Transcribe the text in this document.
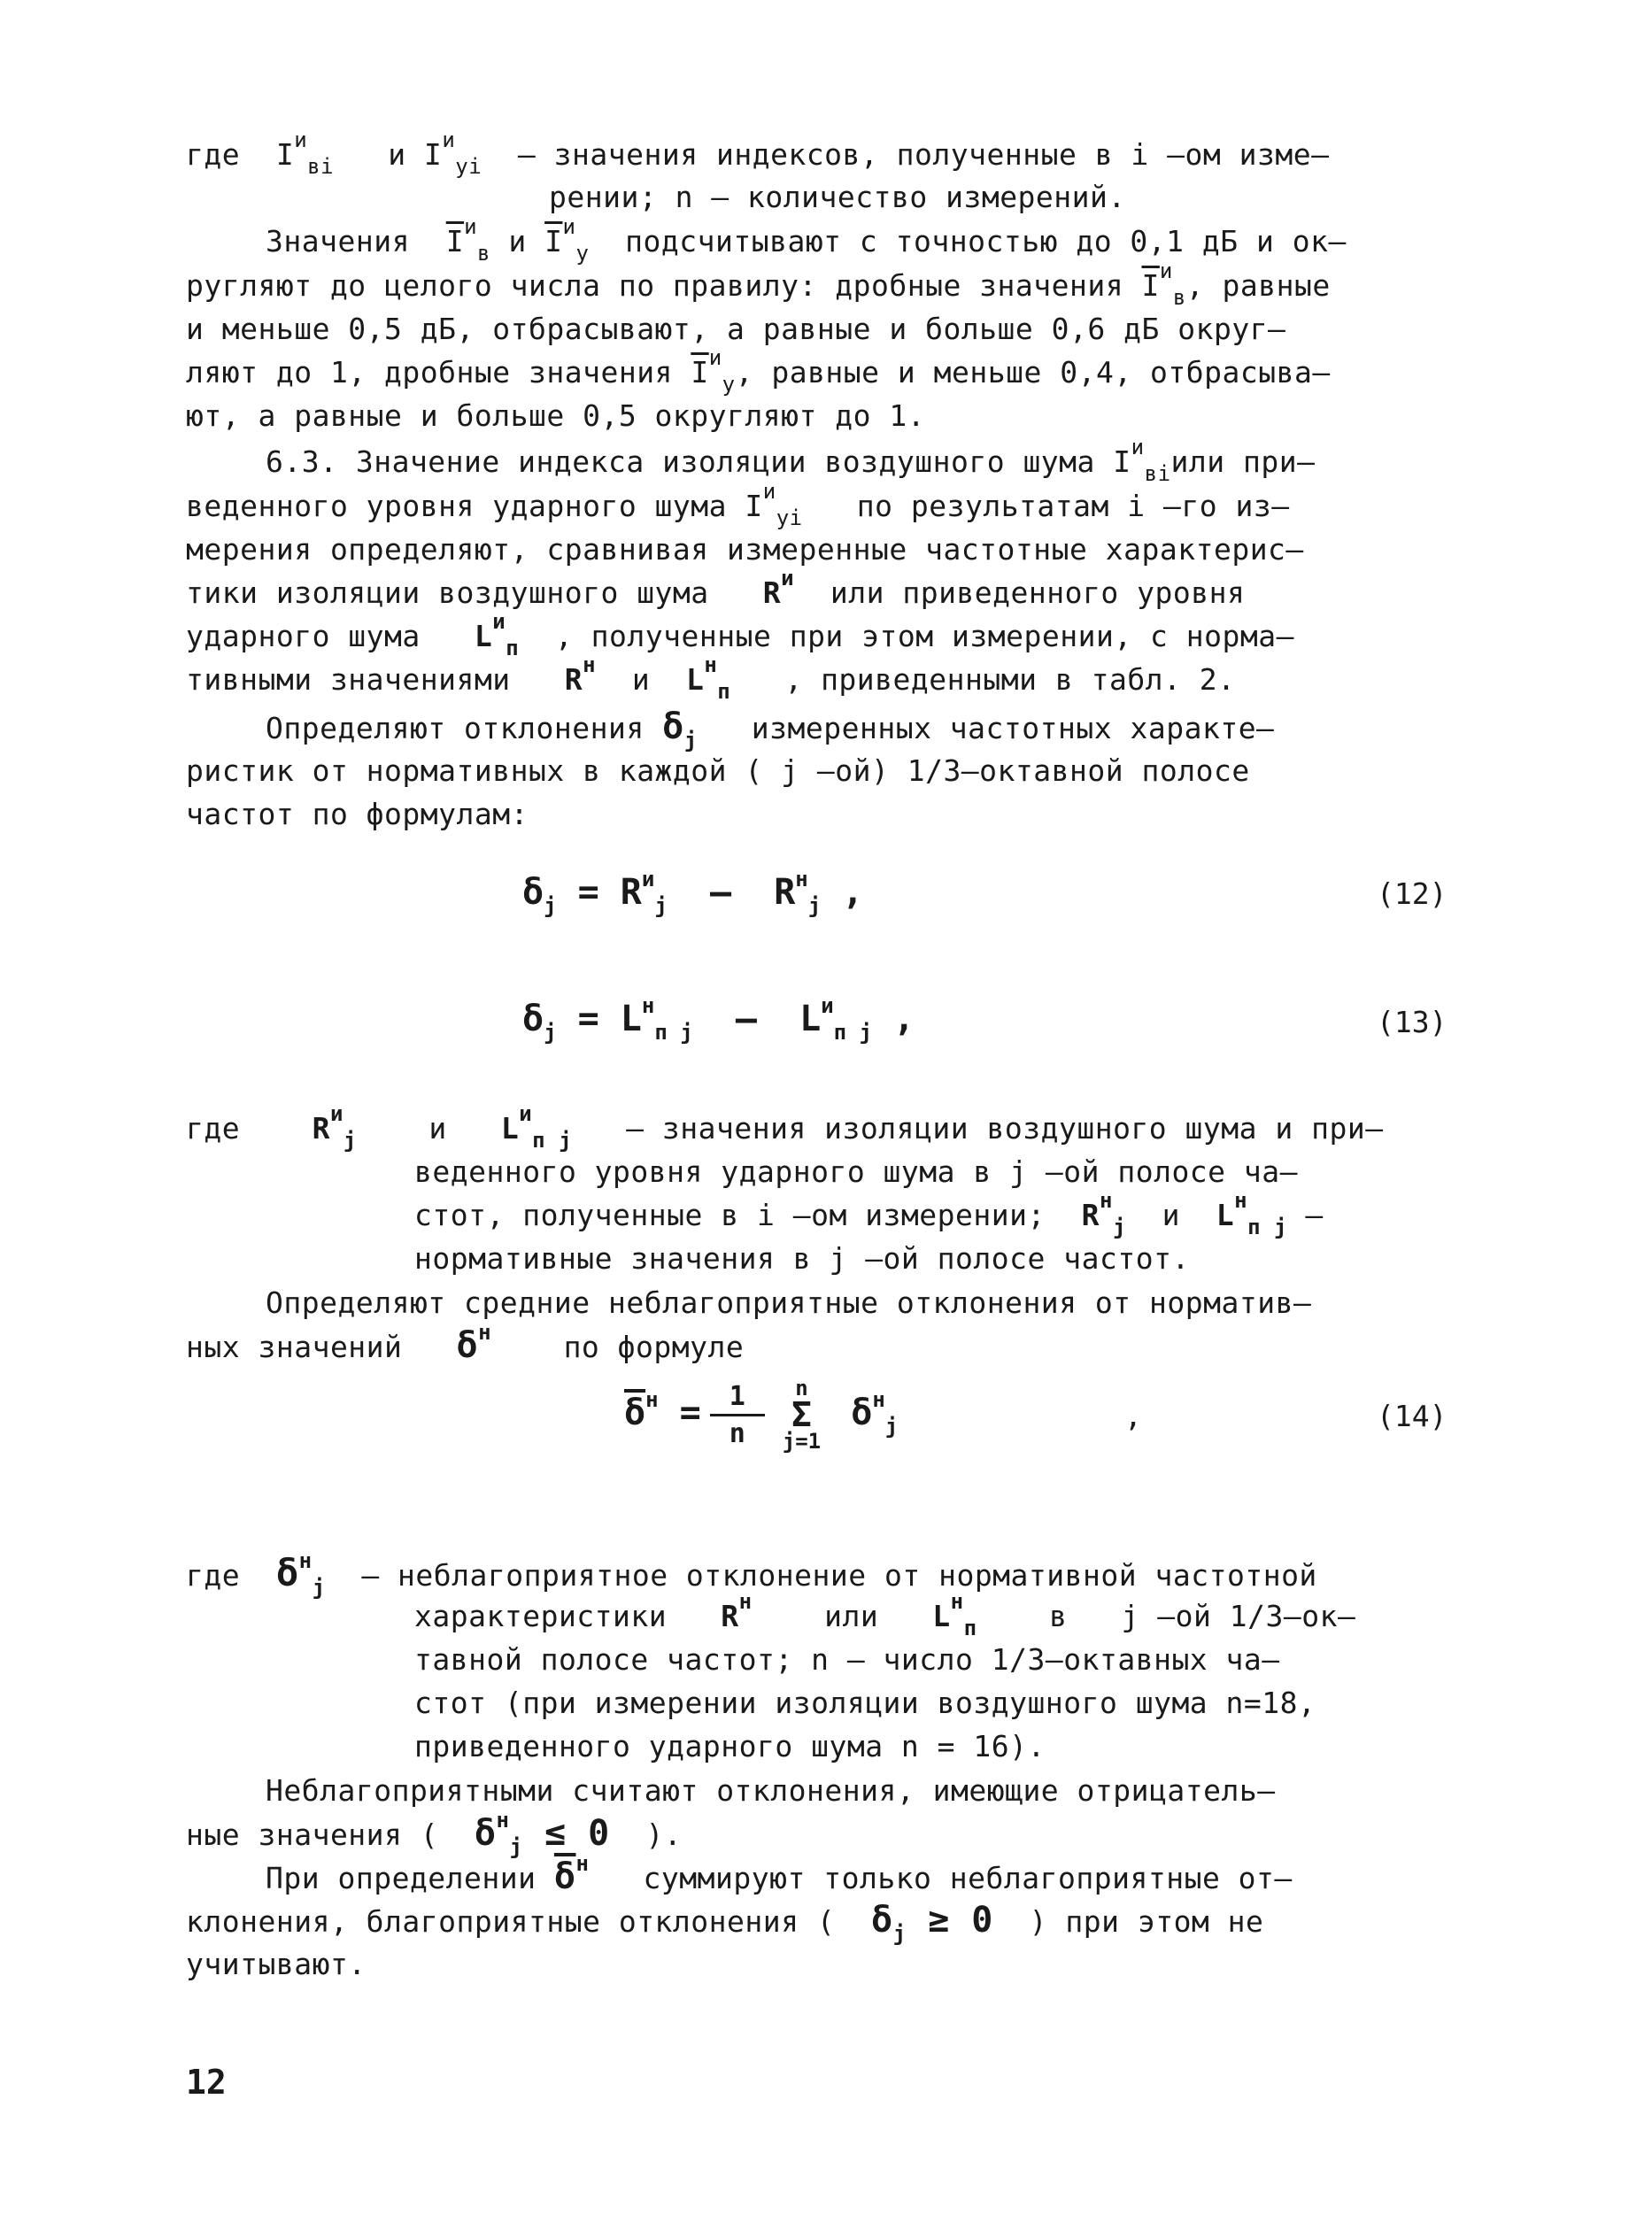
где  $I^и_{вi}$ и $I^и_{уi}$ – значения индексов, полученные в i –ом изме–
рении; n – количество измерений.
Значения $\overline{I}^и_в$ и $\overline{I}^и_у$ подсчитывают с точностью до 0,1 дБ и ок–
ругляют до целого числа по правилу: дробные значения $\overline{I}^и_в$, равные
и меньше 0,5 дБ, отбрасывают, а равные и больше 0,6 дБ округ–
ляют до 1, дробные значения $\overline{I}^и_у$, равные и меньше 0,4, отбрасыва–
ют, а равные и больше 0,5 округляют до 1.
6.3. Значение индекса изоляции воздушного шума $I^и_{вi}или$ при–
веденного уровня ударного шума $I^и_{уi}$ по результатам i –го из–
мерения определяют, сравнивая измеренные частотные характерис–
тики изоляции воздушного шума $R^и$ или приведенного уровня
ударного шума $L^и_п$ , полученные при этом измерении, с норма–
тивными значениями $R^н$ и $L^н_п$ , приведенными в табл. 2.
Определяют отклонения $\delta_j$ измеренных частотных характе–
ристик от нормативных в каждой ( j –ой) 1/3–октавной полосе
частот по формулам:
$\delta_j = R^и_j - R^н_j$ ,	(12)
$\delta_j = L^н_{п j} - L^и_{п j}$ ,	(13)
где $R^и_j$ и $L^и_{п j}$ – значения изоляции воздушного шума и при–
веденного уровня ударного шума в j –ой полосе ча–
стот, полученные в i –ом измерении; $R^н_j$ и $L^н_{п j}$ –
нормативные значения в j –ой полосе частот.
Определяют средние неблагоприятные отклонения от норматив–
ных значений $\delta^н$ по формуле
$\overline{\delta}^н = \frac{1}{n}$ n
Σ
j=1 $\delta^н_j$	,	(14)
где $\delta^н_j$ – неблагоприятное отклонение от нормативной частотной
характеристики $R^н$ или $L^н_п$ в j –ой 1/3–ок–
тавной полосе частот; n – число 1/3–октавных ча–
стот (при измерении изоляции воздушного шума n=18,
приведенного ударного шума n = 16).
Неблагоприятными считают отклонения, имеющие отрицатель–
ные значения ( $\delta^н_j \le 0$ ).
При определении $\overline{\delta}^н$ суммируют только неблагоприятные от–
клонения, благоприятные отклонения ( $\delta_j \ge 0$ ) при этом не
учитывают.
12
